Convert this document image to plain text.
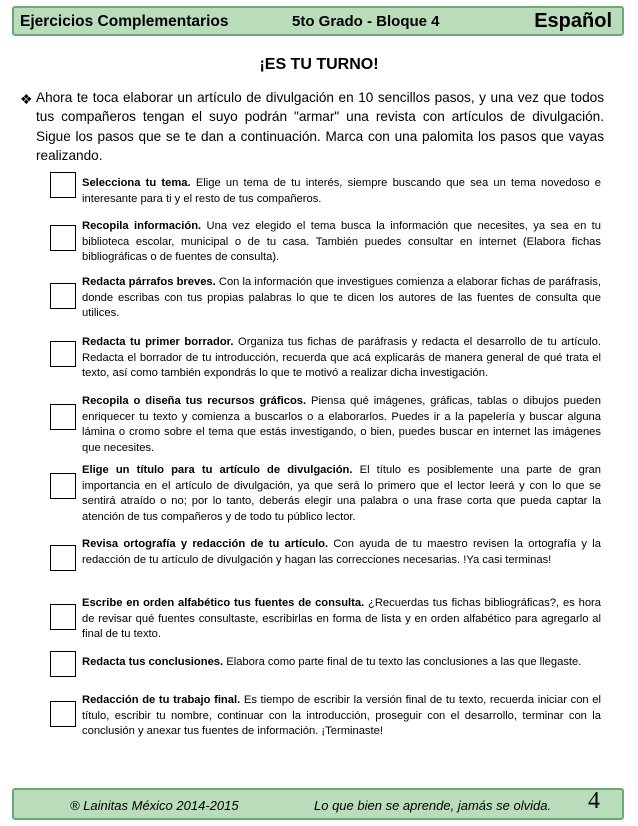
Ejercicios Complementarios	5to Grado - Bloque 4	Español
¡ES TU TURNO!
❖ Ahora te toca elaborar un artículo de divulgación en 10 sencillos pasos, y una vez que todos tus compañeros tengan el suyo podrán "armar" una revista con artículos de divulgación. Sigue los pasos que se te dan a continuación. Marca con una palomita los pasos que vayas realizando.
Selecciona tu tema. Elige un tema de tu interés, siempre buscando que sea un tema novedoso e interesante para ti y el resto de tus compañeros.
Recopila información. Una vez elegido el tema busca la información que necesites, ya sea en tu biblioteca escolar, municipal o de tu casa. También puedes consultar en internet (Elabora fichas bibliográficas o de fuentes de consulta).
Redacta párrafos breves. Con la información que investigues comienza a elaborar fichas de paráfrasis, donde escribas con tus propias palabras lo que te dicen los autores de las fuentes de consulta que utilices.
Redacta tu primer borrador. Organiza tus fichas de paráfrasis y redacta el desarrollo de tu artículo. Redacta el borrador de tu introducción, recuerda que acá explicarás de manera general de qué trata el texto, así como también expondrás lo que te motivó a realizar dicha investigación.
Recopila o diseña tus recursos gráficos. Piensa qué imágenes, gráficas, tablas o dibujos pueden enriquecer tu texto y comienza a buscarlos o a elaborarlos. Puedes ir a la papelería y buscar alguna lámina o cromo sobre el tema que estás investigando, o bien, puedes buscar en internet las imágenes que necesites.
Elige un título para tu artículo de divulgación. El título es posiblemente una parte de gran importancia en el artículo de divulgación, ya que será lo primero que el lector leerá y con lo que se sentirá atraído o no; por lo tanto, deberás elegir una palabra o una frase corta que pueda captar la atención de tus compañeros y de todo tu público lector.
Revisa ortografía y redacción de tu artículo. Con ayuda de tu maestro revisen la ortografía y la redacción de tu artículo de divulgación y hagan las correcciones necesarias. !Ya casi terminas!
Escribe en orden alfabético tus fuentes de consulta. ¿Recuerdas tus fichas bibliográficas?, es hora de revisar qué fuentes consultaste, escribirlas en forma de lista y en orden alfabético para agregarlo al final de tu texto.
Redacta tus conclusiones. Elabora como parte final de tu texto las conclusiones a las que llegaste.
Redacción de tu trabajo final. Es tiempo de escribir la versión final de tu texto, recuerda iniciar con el título, escribir tu nombre, continuar con la introducción, proseguir con el desarrollo, terminar con la conclusión y anexar tus fuentes de información. ¡Terminaste!
® Lainitas México 2014-2015	Lo que bien se aprende, jamás se olvida. 4
